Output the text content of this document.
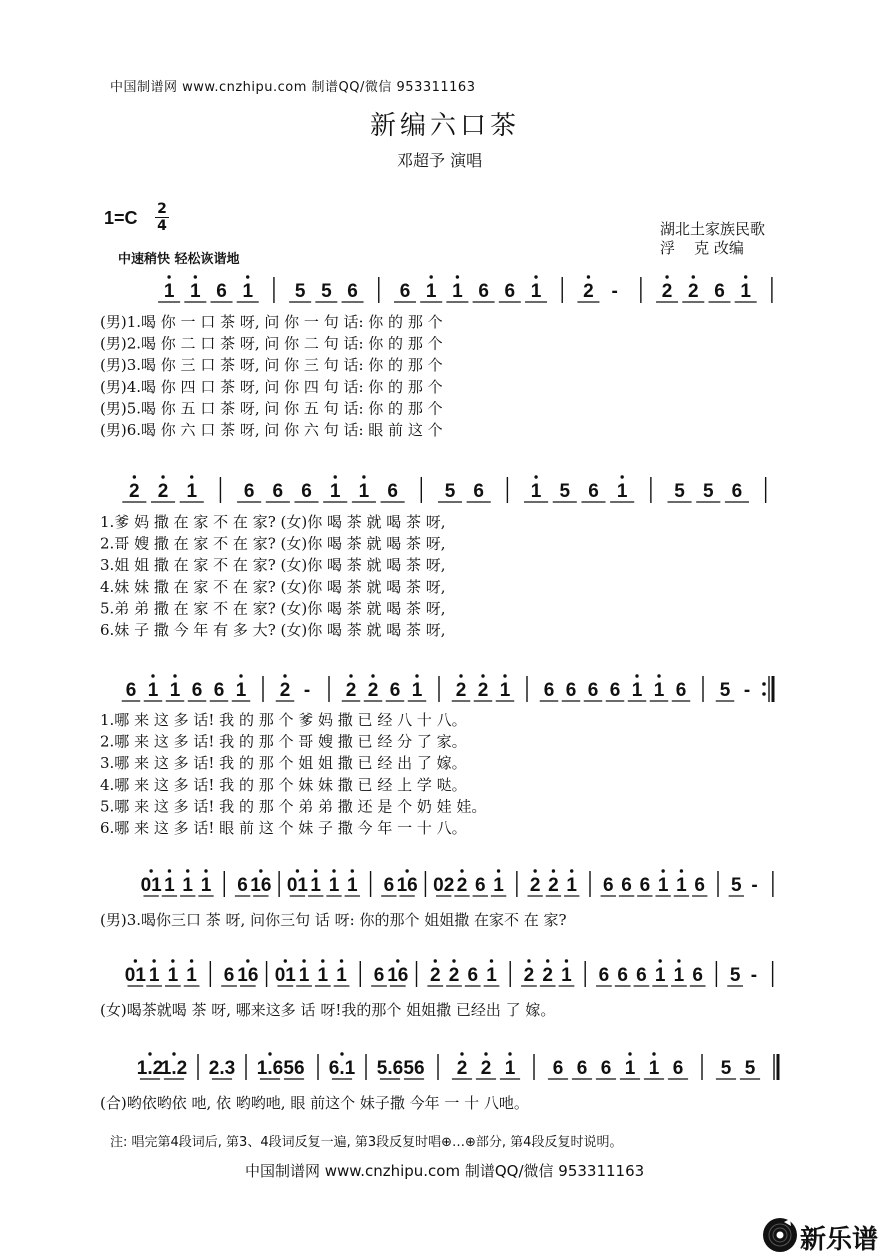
中国制谱网 www.cnzhipu.com 制谱QQ/微信 953311163
新编六口茶
邓超予 演唱
1=C 2
4	湖北土家族民歌
浮    克 改编
中速稍快 轻松诙谐地
1 1 6 1 5 5 6 6 1 1 6 6 1 2 - 2 2 6 1
(男)1.喝 你 一 口 茶 呀, 问 你 一 句 话: 你 的 那 个
(男)2.喝 你 二 口 茶 呀, 问 你 二 句 话: 你 的 那 个
(男)3.喝 你 三 口 茶 呀, 问 你 三 句 话: 你 的 那 个
(男)4.喝 你 四 口 茶 呀, 问 你 四 句 话: 你 的 那 个
(男)5.喝 你 五 口 茶 呀, 问 你 五 句 话: 你 的 那 个
(男)6.喝 你 六 口 茶 呀, 问 你 六 句 话: 眼 前 这 个
2 2 1 6 6 6 1 1 6 5 6 1 5 6 1 5 5 6
1.爹 妈 撒 在 家 不 在 家? (女)你 喝 茶 就 喝 茶 呀,
2.哥 嫂 撒 在 家 不 在 家? (女)你 喝 茶 就 喝 茶 呀,
3.姐 姐 撒 在 家 不 在 家? (女)你 喝 茶 就 喝 茶 呀,
4.妹 妹 撒 在 家 不 在 家? (女)你 喝 茶 就 喝 茶 呀,
5.弟 弟 撒 在 家 不 在 家? (女)你 喝 茶 就 喝 茶 呀,
6.妹 子 撒 今 年 有 多 大? (女)你 喝 茶 就 喝 茶 呀,
6 1 1 6 6 1 2 - 2 2 6 1 2 2 1 6 6 6 6 1 1 6 5 -
1.哪 来 这 多 话! 我 的 那 个 爹 妈 撒 已 经 八 十 八。
2.哪 来 这 多 话! 我 的 那 个 哥 嫂 撒 已 经 分 了 家。
3.哪 来 这 多 话! 我 的 那 个 姐 姐 撒 已 经 出 了 嫁。
4.哪 来 这 多 话! 我 的 那 个 妹 妹 撒 已 经 上 学 哒。
5.哪 来 这 多 话! 我 的 那 个 弟 弟 撒 还 是 个 奶 娃 娃。
6.哪 来 这 多 话! 眼 前 这 个 妹 子 撒 今 年 一 十 八。
01 1 1 1 6 16 01 1 1 1 6 16 02 2 6 1 2 2 1 6 6 6 1 1 6 5 -
(男)3.喝你三口 茶 呀, 问你三句 话 呀: 你的那个 姐姐撒 在家不 在 家?
01 1 1 1 6 16 01 1 1 1 6 16 2 2 6 1 2 2 1 6 6 6 1 1 6 5 -
(女)喝茶就喝 茶 呀, 哪来这多 话 呀!我的那个 姐姐撒 已经出 了 嫁。
1.2
1.2 2.3 1.6 56 6.1 5.6 56 2 2 1 6 6 6 1 1 6 5 5
(合)哟依哟依 吔, 依 哟哟吔, 眼 前这个 妹子撒 今年 一 十 八吔。
注: 唱完第4段词后, 第3、4段词反复一遍, 第3段反复时唱⊕…⊕部分, 第4段反复时说明。
中国制谱网 www.cnzhipu.com 制谱QQ/微信 953311163
新乐谱
